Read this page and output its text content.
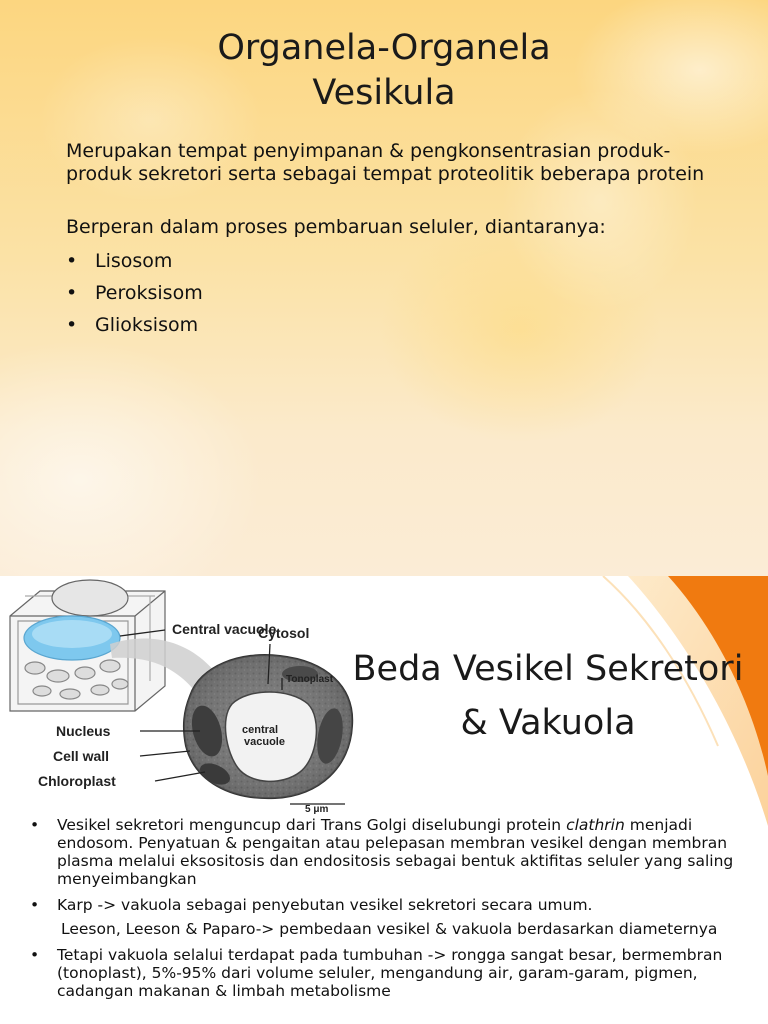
Organela-Organela
Vesikula

Merupakan tempat penyimpanan & pengkonsentrasian produk-produk sekretori serta sebagai tempat proteolitik beberapa protein

Berperan dalam proses pembaruan seluler, diantaranya:

• Lisosom
• Peroksisom
• Glioksisom
Beda Vesikel Sekretori
& Vakuola
Central vacuole
Cytosol
Tonoplast
central
vacuole
Nucleus
Cell wall
Chloroplast
5 μm
• Vesikel sekretori menguncup dari Trans Golgi diselubungi protein clathrin menjadi endosom. Penyatuan & pengaitan atau pelepasan membran vesikel dengan membran plasma melalui eksositosis dan endositosis sebagai bentuk aktifitas seluler yang saling menyeimbangkan
• Karp -> vakuola sebagai penyebutan vesikel sekretori secara umum.
Leeson, Leeson & Paparo-> pembedaan vesikel & vakuola berdasarkan diameternya
• Tetapi vakuola selalui terdapat pada tumbuhan -> rongga sangat besar, bermembran (tonoplast), 5%-95% dari volume seluler, mengandung air, garam-garam, pigmen, cadangan makanan & limbah metabolisme
